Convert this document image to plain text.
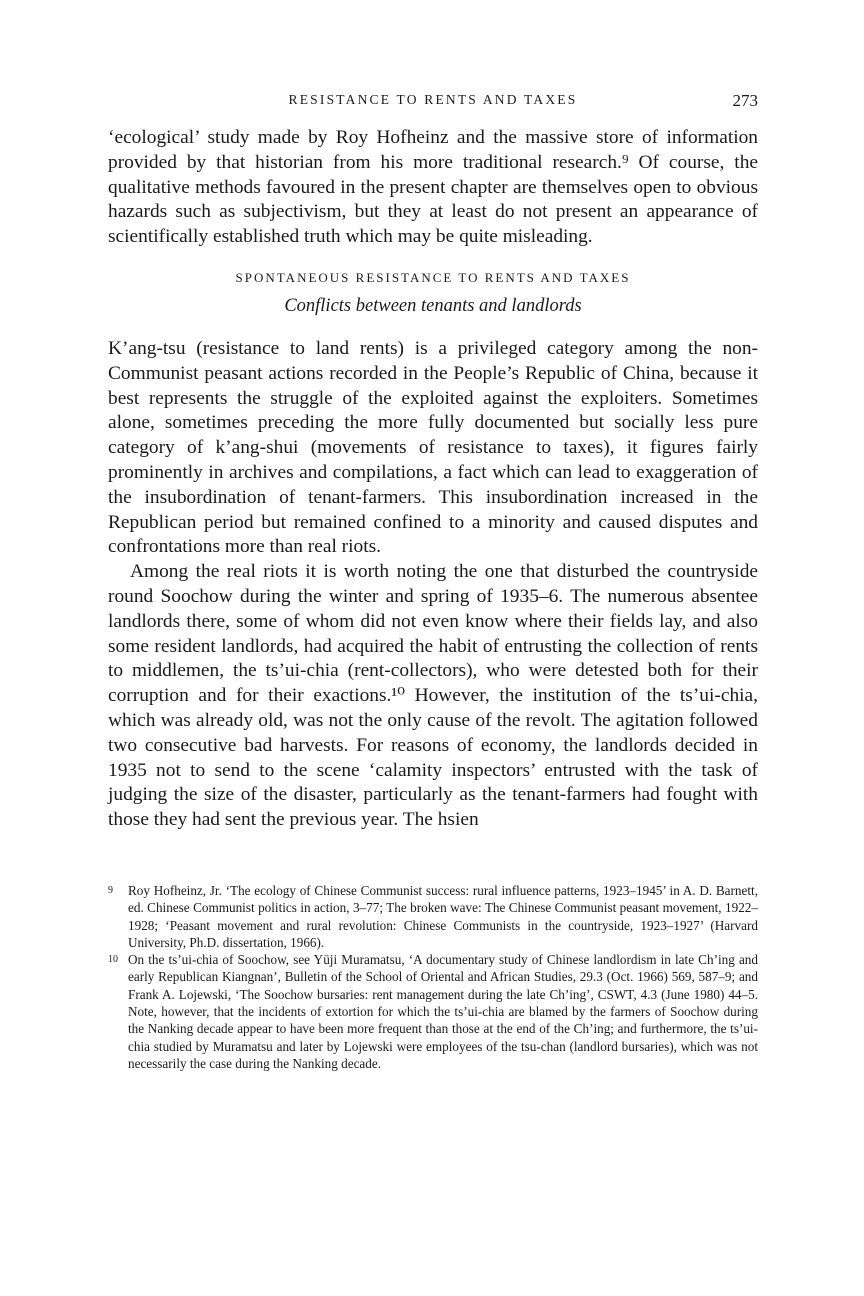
RESISTANCE TO RENTS AND TAXES	273

‘ecological’ study made by Roy Hofheinz and the massive store of information provided by that historian from his more traditional research.⁹ Of course, the qualitative methods favoured in the present chapter are themselves open to obvious hazards such as subjectivism, but they at least do not present an appearance of scientifically established truth which may be quite misleading.

SPONTANEOUS RESISTANCE TO RENTS AND TAXES
Conflicts between tenants and landlords

K’ang-tsu (resistance to land rents) is a privileged category among the non-Communist peasant actions recorded in the People’s Republic of China, because it best represents the struggle of the exploited against the exploiters. Sometimes alone, sometimes preceding the more fully documented but socially less pure category of k’ang-shui (movements of resistance to taxes), it figures fairly prominently in archives and compilations, a fact which can lead to exaggeration of the insubordination of tenant-farmers. This insubordination increased in the Republican period but remained confined to a minority and caused disputes and confrontations more than real riots.

Among the real riots it is worth noting the one that disturbed the countryside round Soochow during the winter and spring of 1935–6. The numerous absentee landlords there, some of whom did not even know where their fields lay, and also some resident landlords, had acquired the habit of entrusting the collection of rents to middlemen, the ts’ui-chia (rent-collectors), who were detested both for their corruption and for their exactions.¹⁰ However, the institution of the ts’ui-chia, which was already old, was not the only cause of the revolt. The agitation followed two consecutive bad harvests. For reasons of economy, the landlords decided in 1935 not to send to the scene ‘calamity inspectors’ entrusted with the task of judging the size of the disaster, particularly as the tenant-farmers had fought with those they had sent the previous year. The hsien

9 Roy Hofheinz, Jr. ‘The ecology of Chinese Communist success: rural influence patterns, 1923–1945’ in A. D. Barnett, ed. Chinese Communist politics in action, 3–77; The broken wave: The Chinese Communist peasant movement, 1922–1928; ‘Peasant movement and rural revolution: Chinese Communists in the countryside, 1923–1927’ (Harvard University, Ph.D. dissertation, 1966).

10 On the ts’ui-chia of Soochow, see Yūji Muramatsu, ‘A documentary study of Chinese landlordism in late Ch’ing and early Republican Kiangnan’, Bulletin of the School of Oriental and African Studies, 29.3 (Oct. 1966) 569, 587–9; and Frank A. Lojewski, ‘The Soochow bursaries: rent management during the late Ch’ing’, CSWT, 4.3 (June 1980) 44–5. Note, however, that the incidents of extortion for which the ts’ui-chia are blamed by the farmers of Soochow during the Nanking decade appear to have been more frequent than those at the end of the Ch’ing; and furthermore, the ts’ui-chia studied by Muramatsu and later by Lojewski were employees of the tsu-chan (landlord bursaries), which was not necessarily the case during the Nanking decade.
